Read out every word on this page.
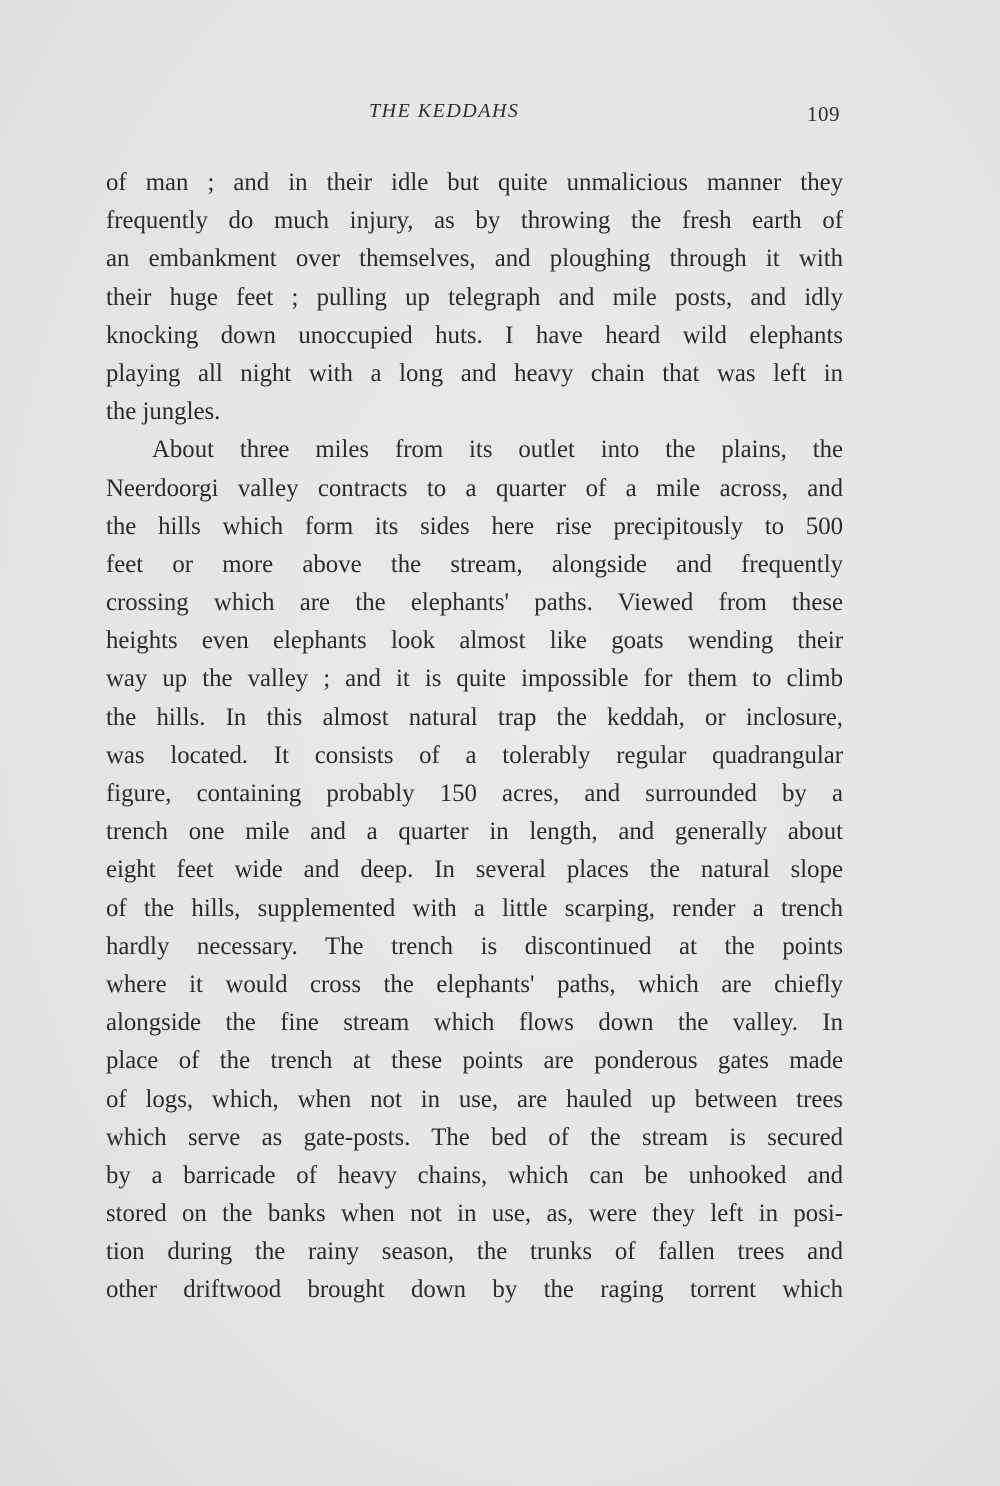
THE KEDDAHS	109
of man ; and in their idle but quite unmalicious manner they
frequently do much injury, as by throwing the fresh earth of
an embankment over themselves, and ploughing through it with
their huge feet ; pulling up telegraph and mile posts, and idly
knocking down unoccupied huts. I have heard wild elephants
playing all night with a long and heavy chain that was left in
the jungles.
About three miles from its outlet into the plains, the
Neerdoorgi valley contracts to a quarter of a mile across, and
the hills which form its sides here rise precipitously to 500
feet or more above the stream, alongside and frequently
crossing which are the elephants' paths. Viewed from these
heights even elephants look almost like goats wending their
way up the valley ; and it is quite impossible for them to climb
the hills. In this almost natural trap the keddah, or inclosure,
was located. It consists of a tolerably regular quadrangular
figure, containing probably 150 acres, and surrounded by a
trench one mile and a quarter in length, and generally about
eight feet wide and deep. In several places the natural slope
of the hills, supplemented with a little scarping, render a trench
hardly necessary. The trench is discontinued at the points
where it would cross the elephants' paths, which are chiefly
alongside the fine stream which flows down the valley. In
place of the trench at these points are ponderous gates made
of logs, which, when not in use, are hauled up between trees
which serve as gate-posts. The bed of the stream is secured
by a barricade of heavy chains, which can be unhooked and
stored on the banks when not in use, as, were they left in posi-
tion during the rainy season, the trunks of fallen trees and
other driftwood brought down by the raging torrent which
